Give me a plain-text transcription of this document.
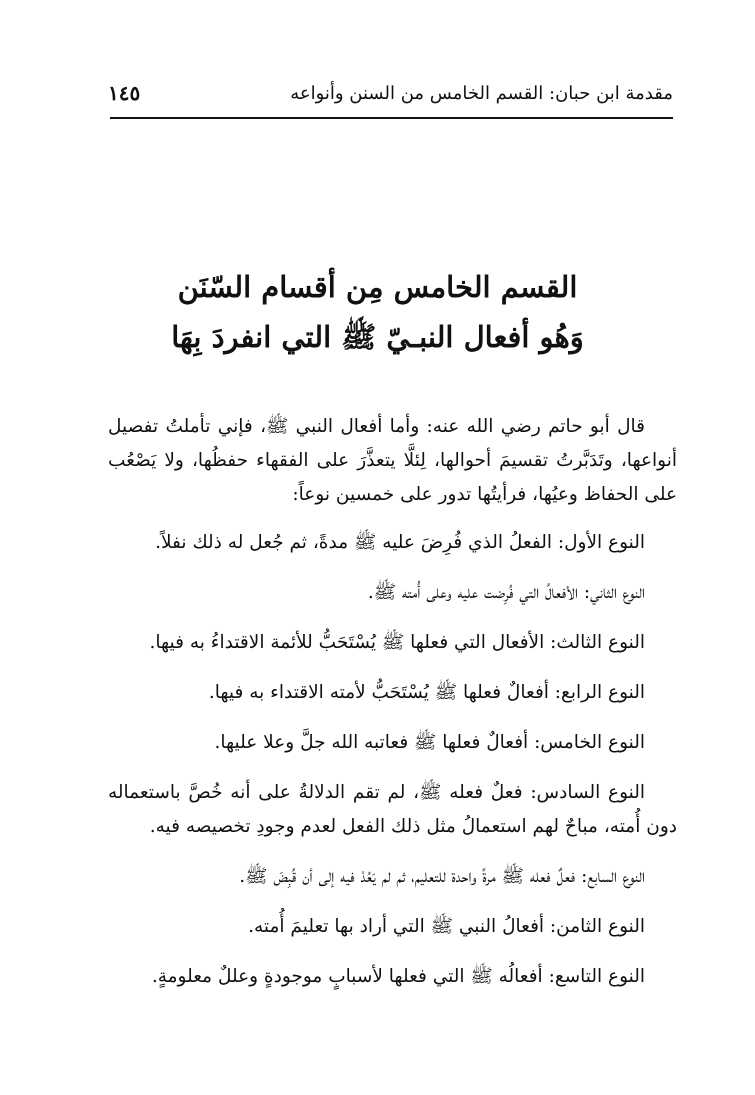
مقدمة ابن حبان: القسم الخامس من السنن وأنواعه
١٤٥
القسم الخامس مِن أقسام السّنَن
وَهُو أفعال النبـيّ ﷺ التي انفردَ بِهَا

قال أبو حاتم رضي الله عنه: وأما أفعال النبي ﷺ، فإني تأملتُ تفصيل أنواعها، وتَدَبَّرتُ تقسيمَ أحوالها، لِئلَّا يتعذَّرَ على الفقهاء حفظُها، ولا يَصْعُب على الحفاظ وعيُها، فرأيتُها تدور على خمسين نوعاً:

النوع الأول: الفعلُ الذي فُرِضَ عليه ﷺ مدةً، ثم جُعل له ذلك نفلاً.

النوع الثاني: الأفعالُ التي فُرِضت عليه وعلى أُمته ﷺ.

النوع الثالث: الأفعال التي فعلها ﷺ يُسْتَحَبُّ للأئمة الاقتداءُ به فيها.

النوع الرابع: أفعالٌ فعلها ﷺ يُسْتَحَبُّ لأمته الاقتداء به فيها.

النوع الخامس: أفعالٌ فعلها ﷺ فعاتبه الله جلَّ وعلا عليها.

النوع السادس: فعلٌ فعله ﷺ، لم تقم الدلالةُ على أنه خُصَّ باستعماله دون أُمته، مباحٌ لهم استعمالُ مثل ذلك الفعل لعدم وجودِ تخصيصه فيه.

النوع السابع: فعلٌ فعله ﷺ مرةً واحدة للتعليم، ثم لم يَعُدْ فيه إلى أن قُبِضَ ﷺ.

النوع الثامن: أفعالُ النبي ﷺ التي أراد بها تعليمَ أُمته.

النوع التاسع: أفعالُه ﷺ التي فعلها لأسبابٍ موجودةٍ وعللٌ معلومةٍ.
